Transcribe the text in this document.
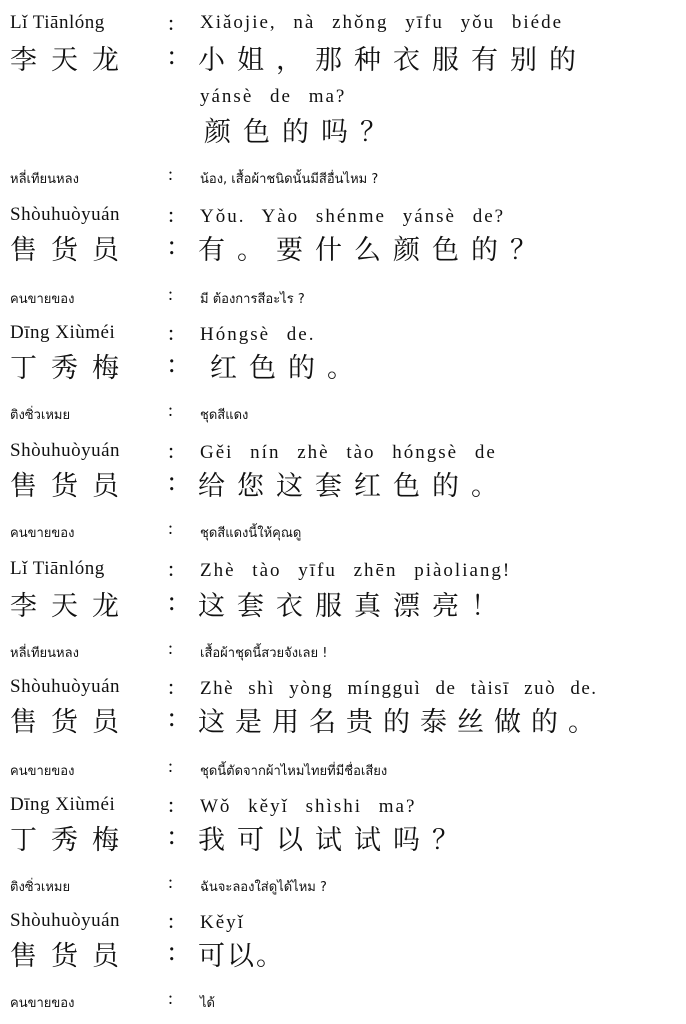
Lǐ Tiānlóng	: Xiǎojie, nà zhǒng yīfu yǒu biéde
李天龙 : 小姐，那种衣服有别的
yánsè de ma?
颜色的吗？
หลี่เทียนหลง	: น้อง, เสื้อผ้าชนิดนั้นมีสีอื่นไหม ?
Shòuhuòyuán : Yǒu. Yào shénme yánsè de?
售货员 : 有。要什么颜色的？
คนขายของ	: มี ต้องการสีอะไร ?
Dīng Xiùméi : Hóngsè de.
丁秀梅 : 红色的。
ติงซิ่วเหมย	: ชุดสีแดง
Shòuhuòyuán : Gěi nín zhè tào hóngsè de
售货员 : 给您这套红色的。
คนขายของ	: ชุดสีแดงนี้ให้คุณดู
Lǐ Tiānlóng	: Zhè tào yīfu zhēn piàoliang!
李天龙 : 这套衣服真漂亮！
หลี่เทียนหลง	: เสื้อผ้าชุดนี้สวยจังเลย !
Shòuhuòyuán : Zhè shì yòng míngguì de tàisī zuò de.
售货员 : 这是用名贵的泰丝做的。
คนขายของ	: ชุดนี้ตัดจากผ้าไหมไทยที่มีชื่อเสียง
Dīng Xiùméi : Wǒ kěyǐ shìshi ma?
丁秀梅 : 我可以试试吗？
ติงซิ่วเหมย	: ฉันจะลองใส่ดูได้ไหม ?
Shòuhuòyuán : Kěyǐ
售货员 : 可以。
คนขายของ	: ได้
